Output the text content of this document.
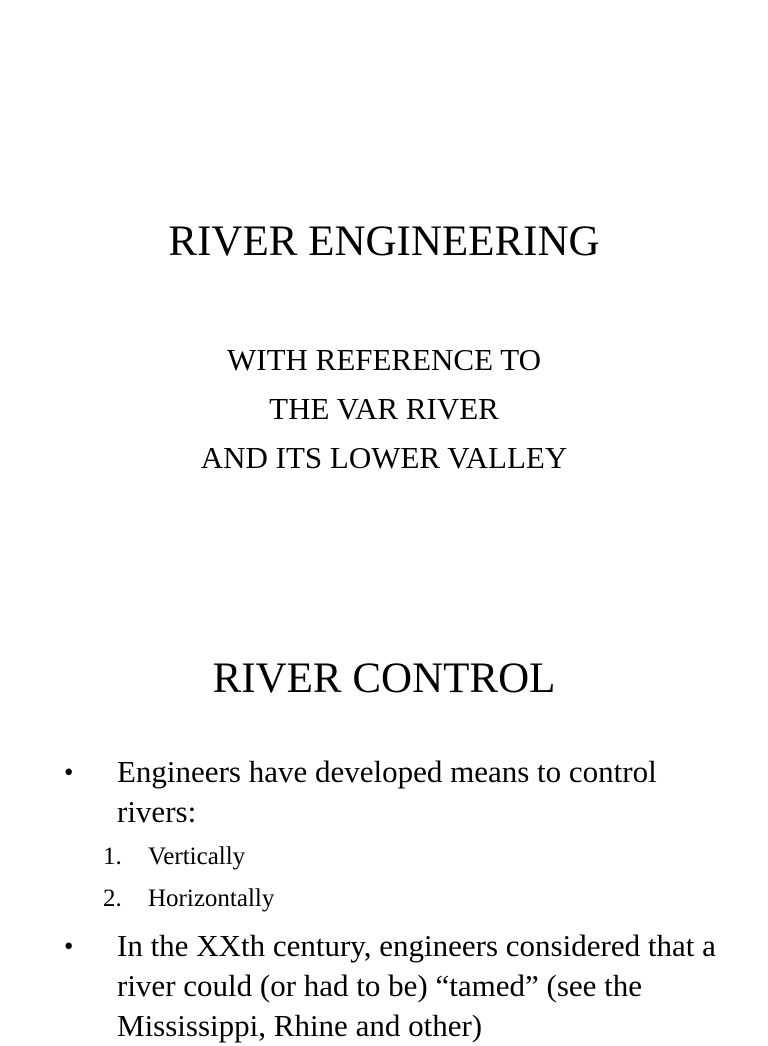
RIVER ENGINEERING
WITH REFERENCE TO
THE VAR RIVER
AND ITS LOWER VALLEY
RIVER CONTROL
• Engineers have developed means to control rivers:
1. Vertically
2. Horizontally
• In the XXth century, engineers considered that a river could (or had to be) “tamed” (see the Mississippi, Rhine and other)
